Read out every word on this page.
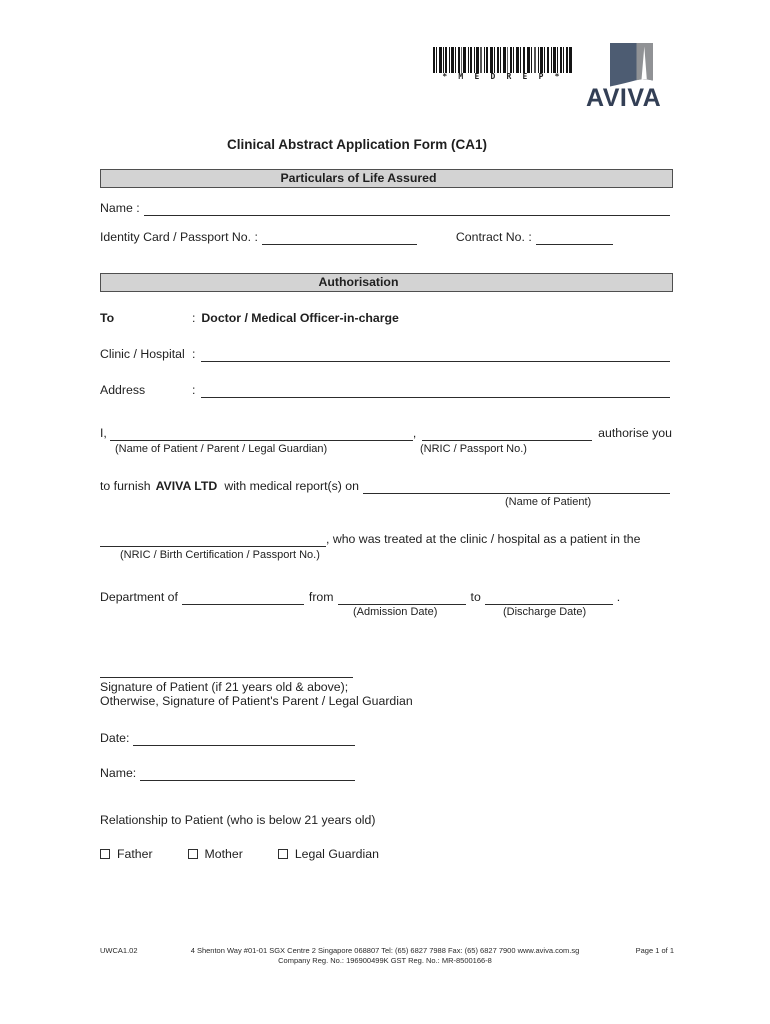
* M E D R E P *
AVIVA
Clinical Abstract Application Form (CA1)
Particulars of Life Assured
Name :
Identity Card / Passport No. :	Contract No. :
Authorisation
To	: Doctor / Medical Officer-in-charge
Clinic / Hospital :
Address	:
I,	,	authorise you
(Name of Patient / Parent / Legal Guardian)	(NRIC / Passport No.)
to furnish AVIVA LTD with medical report(s) on
(Name of Patient)
, who was treated at the clinic / hospital as a patient in the
(NRIC / Birth Certification / Passport No.)
Department of	from	to	.
(Admission Date)	(Discharge Date)
Signature of Patient (if 21 years old & above);
Otherwise, Signature of Patient's Parent / Legal Guardian
Date:
Name:
Relationship to Patient (who is below 21 years old)
Father	Mother	Legal Guardian
UWCA1.02	4 Shenton Way #01-01 SGX Centre 2 Singapore 068807 Tel: (65) 6827 7988 Fax: (65) 6827 7900 www.aviva.com.sg
Company Reg. No.: 196900499K GST Reg. No.: MR-8500166-8
Page 1 of 1
